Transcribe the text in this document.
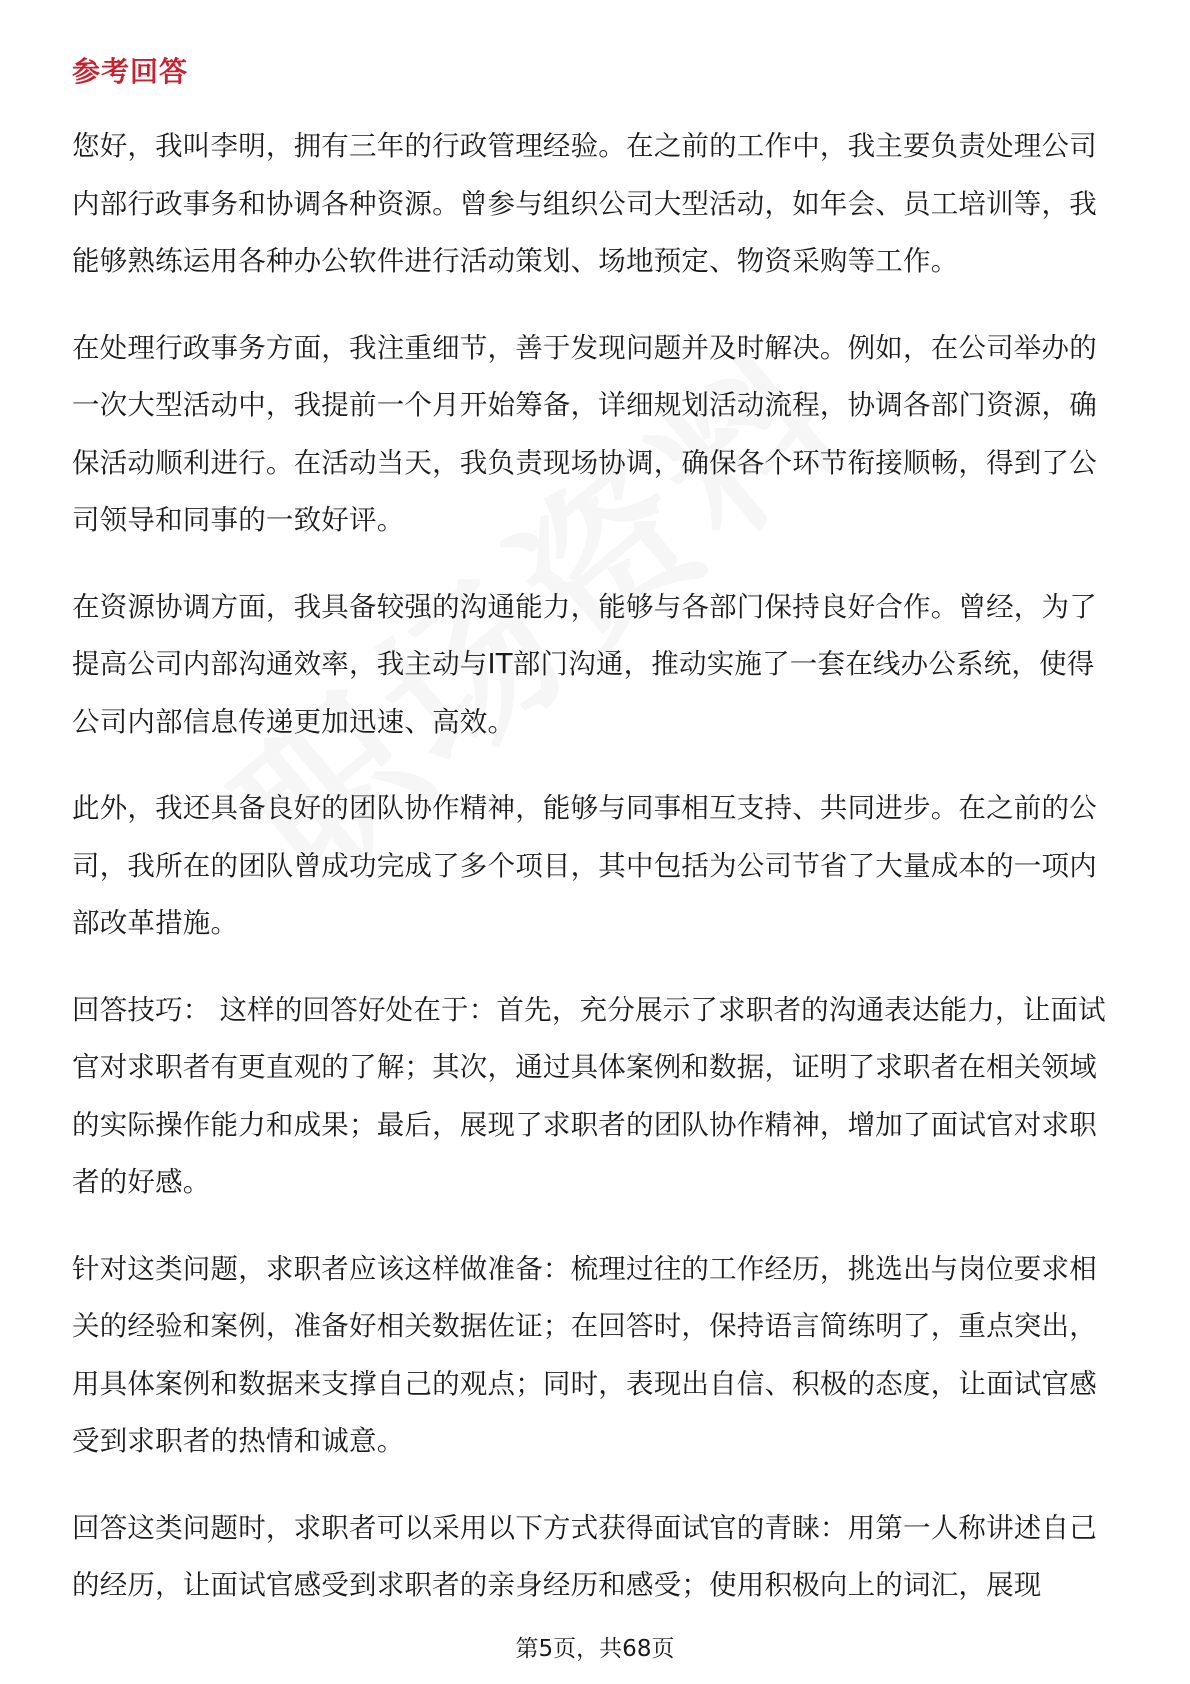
参考回答

您好，我叫李明，拥有三年的行政管理经验。在之前的工作中，我主要负责处理公司内部行政事务和协调各种资源。曾参与组织公司大型活动，如年会、员工培训等，我能够熟练运用各种办公软件进行活动策划、场地预定、物资采购等工作。

在处理行政事务方面，我注重细节，善于发现问题并及时解决。例如，在公司举办的一次大型活动中，我提前一个月开始筹备，详细规划活动流程，协调各部门资源，确保活动顺利进行。在活动当天，我负责现场协调，确保各个环节衔接顺畅，得到了公司领导和同事的一致好评。

在资源协调方面，我具备较强的沟通能力，能够与各部门保持良好合作。曾经，为了提高公司内部沟通效率，我主动与IT部门沟通，推动实施了一套在线办公系统，使得公司内部信息传递更加迅速、高效。

此外，我还具备良好的团队协作精神，能够与同事相互支持、共同进步。在之前的公司，我所在的团队曾成功完成了多个项目，其中包括为公司节省了大量成本的一项内部改革措施。

回答技巧： 这样的回答好处在于：首先，充分展示了求职者的沟通表达能力，让面试官对求职者有更直观的了解；其次，通过具体案例和数据，证明了求职者在相关领域的实际操作能力和成果；最后，展现了求职者的团队协作精神，增加了面试官对求职者的好感。

针对这类问题，求职者应该这样做准备：梳理过往的工作经历，挑选出与岗位要求相关的经验和案例，准备好相关数据佐证；在回答时，保持语言简练明了，重点突出，用具体案例和数据来支撑自己的观点；同时，表现出自信、积极的态度，让面试官感受到求职者的热情和诚意。

回答这类问题时，求职者可以采用以下方式获得面试官的青睐：用第一人称讲述自己的经历，让面试官感受到求职者的亲身经历和感受；使用积极向上的词汇，展现

第5页，共68页
